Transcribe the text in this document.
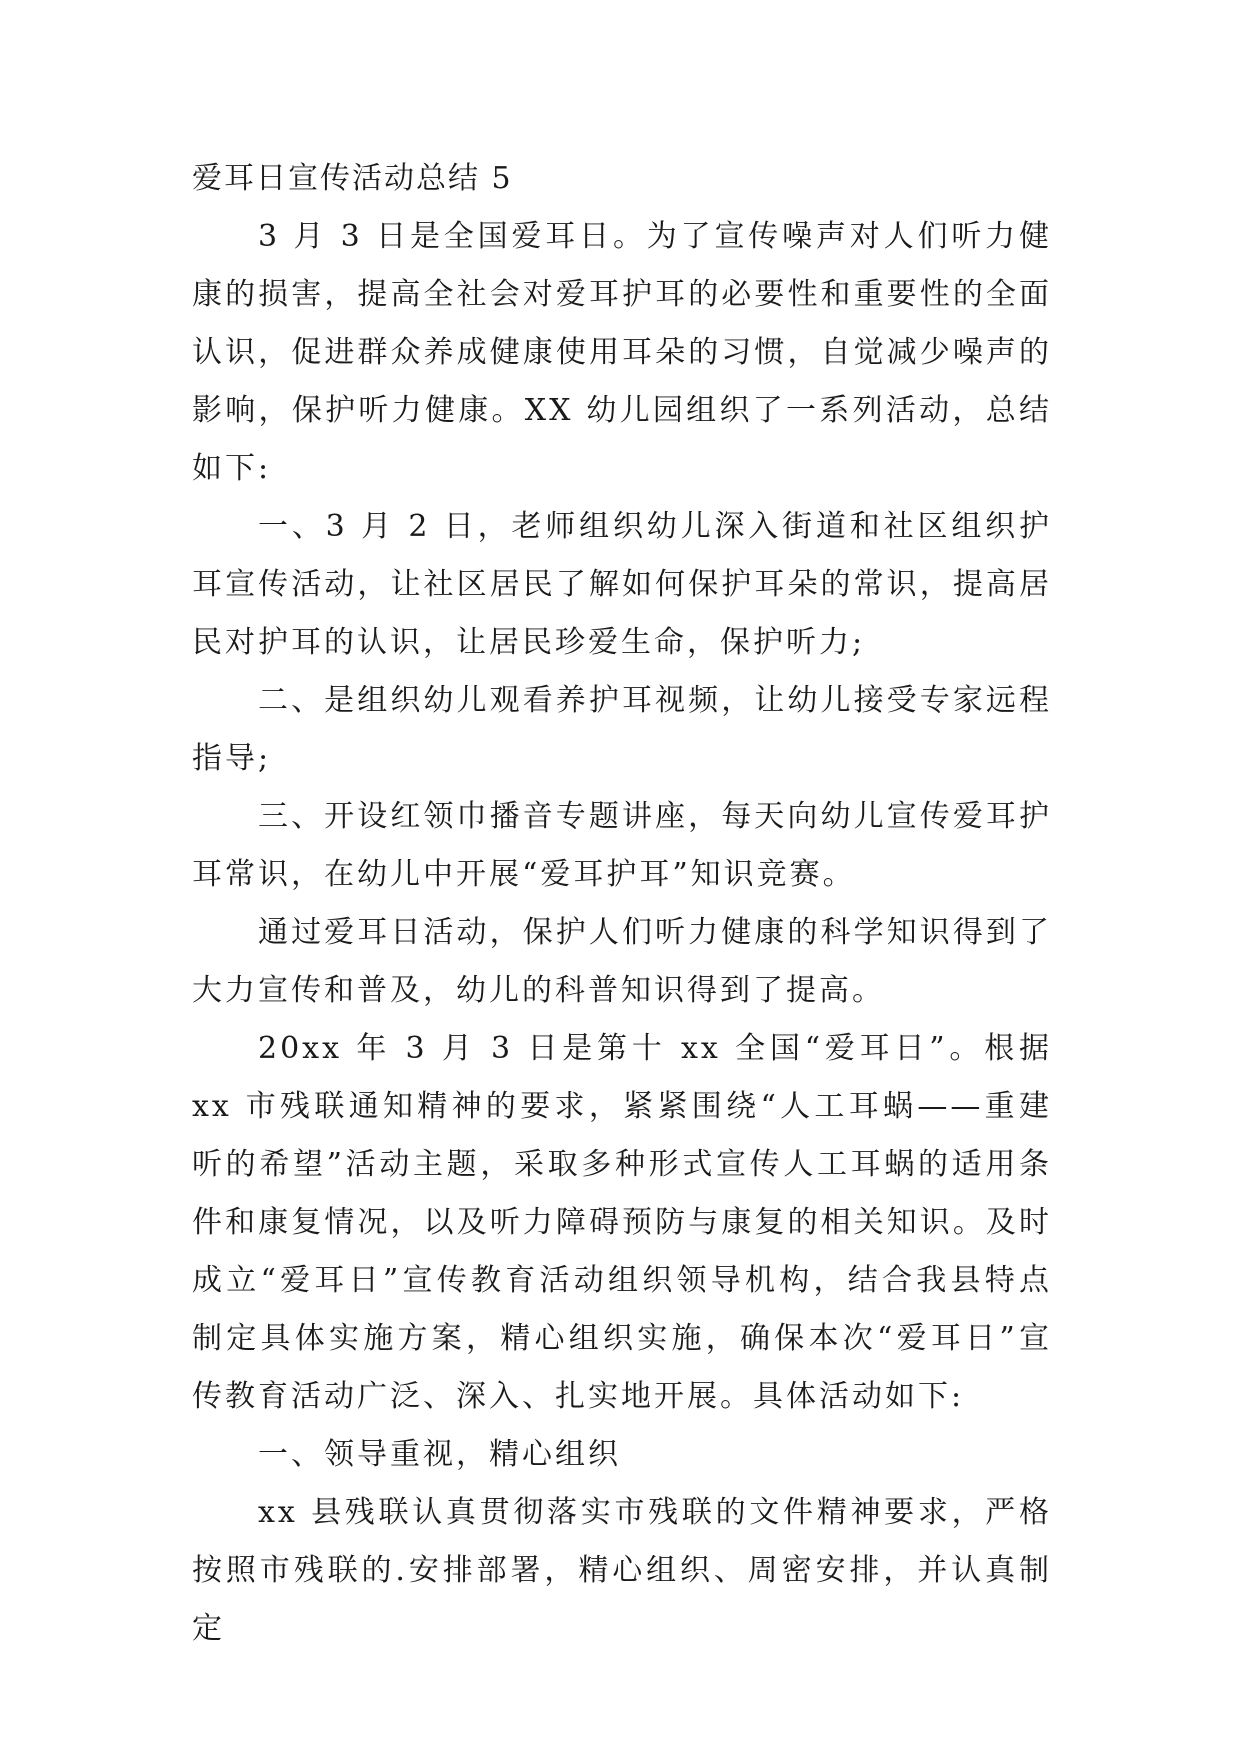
爱耳日宣传活动总结 5

3 月 3 日是全国爱耳日。为了宣传噪声对人们听力健康的损害，提高全社会对爱耳护耳的必要性和重要性的全面认识，促进群众养成健康使用耳朵的习惯，自觉减少噪声的影响，保护听力健康。XX 幼儿园组织了一系列活动，总结如下:

一、3 月 2 日，老师组织幼儿深入街道和社区组织护耳宣传活动，让社区居民了解如何保护耳朵的常识，提高居民对护耳的认识，让居民珍爱生命，保护听力;

二、是组织幼儿观看养护耳视频，让幼儿接受专家远程指导;

三、开设红领巾播音专题讲座，每天向幼儿宣传爱耳护耳常识，在幼儿中开展“爱耳护耳”知识竞赛。

通过爱耳日活动，保护人们听力健康的科学知识得到了大力宣传和普及，幼儿的科普知识得到了提高。

20xx 年 3 月 3 日是第十 xx 全国“爱耳日”。根据 xx 市残联通知精神的要求，紧紧围绕“人工耳蜗——重建听的希望”活动主题，采取多种形式宣传人工耳蜗的适用条件和康复情况，以及听力障碍预防与康复的相关知识。及时成立“爱耳日”宣传教育活动组织领导机构，结合我县特点制定具体实施方案，精心组织实施，确保本次“爱耳日”宣传教育活动广泛、深入、扎实地开展。具体活动如下:

一、领导重视，精心组织

xx 县残联认真贯彻落实市残联的文件精神要求，严格按照市残联的.安排部署，精心组织、周密安排，并认真制定
